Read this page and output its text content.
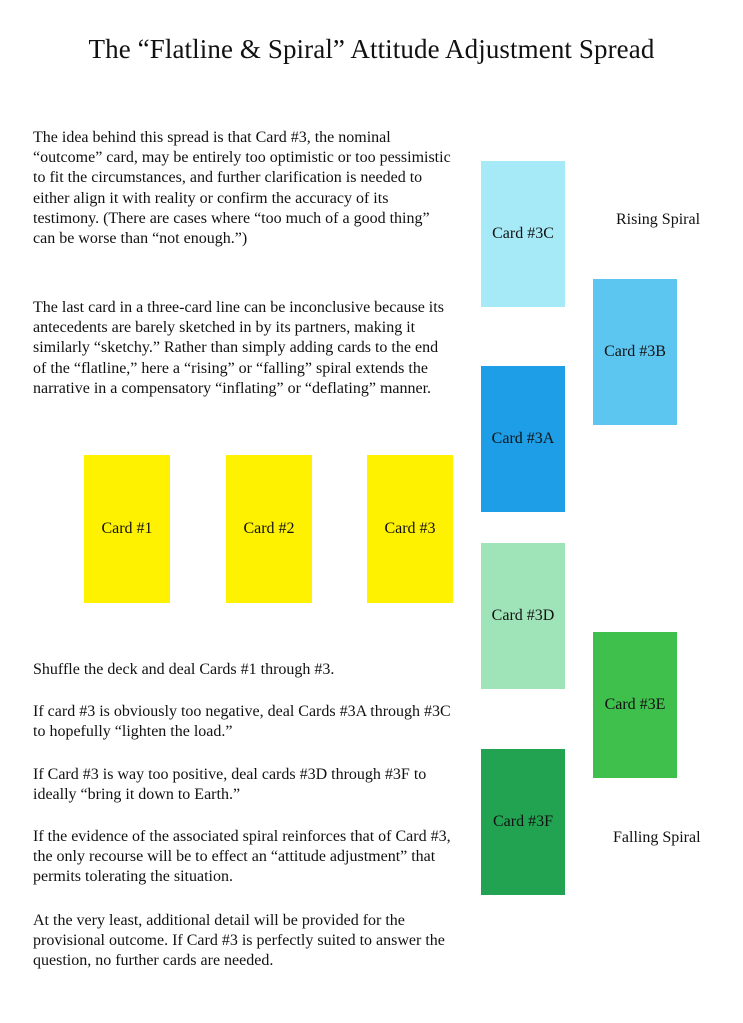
The “Flatline & Spiral” Attitude Adjustment Spread

The idea behind this spread is that Card #3, the nominal “outcome” card, may be entirely too optimistic or too pessimistic to fit the circumstances, and further clarification is needed to either align it with reality or confirm the accuracy of its testimony. (There are cases where “too much of a good thing” can be worse than “not enough.”)

The last card in a three-card line can be inconclusive because its antecedents are barely sketched in by its partners, making it similarly “sketchy.” Rather than simply adding cards to the end of the “flatline,” here a “rising” or “falling” spiral extends the narrative in a compensatory “inflating” or “deflating” manner.

Card #1	Card #2	Card #3
Card #3C
Rising Spiral
Card #3B
Card #3A
Card #3D
Card #3E
Card #3F
Falling Spiral

Shuffle the deck and deal Cards #1 through #3.

If card #3 is obviously too negative, deal Cards #3A through #3C to hopefully “lighten the load.”

If Card #3 is way too positive, deal cards #3D through #3F to ideally “bring it down to Earth.”

If the evidence of the associated spiral reinforces that of Card #3, the only recourse will be to effect an “attitude adjustment” that permits tolerating the situation.

At the very least, additional detail will be provided for the provisional outcome. If Card #3 is perfectly suited to answer the question, no further cards are needed.
